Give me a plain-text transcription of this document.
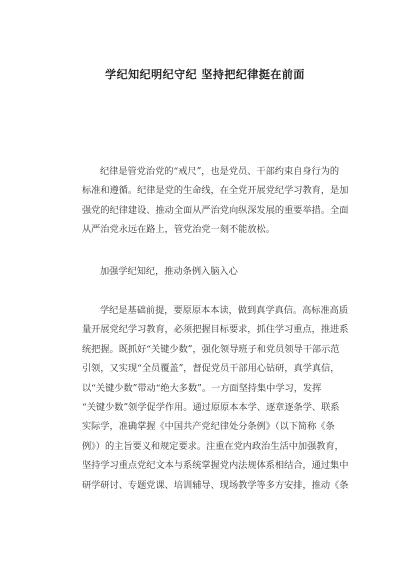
学纪知纪明纪守纪 坚持把纪律挺在前面
纪律是管党治党的“戒尺”，也是党员、干部约束自身行为的
标准和遵循。纪律是党的生命线，在全党开展党纪学习教育，是加
强党的纪律建设、推动全面从严治党向纵深发展的重要举措。全面
从严治党永远在路上，管党治党一刻不能放松。
加强学纪知纪，推动条例入脑入心
学纪是基础前提，要原原本本读，做到真学真信。高标准高质
量开展党纪学习教育，必须把握目标要求，抓住学习重点，推进系
统把握。既抓好“关键少数”，强化领导班子和党员领导干部示范
引领，又实现“全员覆盖”，督促党员干部用心钻研，真学真信，
以“关键少数”带动“绝大多数”。一方面坚持集中学习，发挥
“关键少数”领学促学作用。通过原原本本学、逐章逐条学、联系
实际学，准确掌握《中国共产党纪律处分条例》（以下简称《条
例》）的主旨要义和规定要求。注重在党内政治生活中加强教育，
坚持学习重点党纪文本与系统掌握党内法规体系相结合，通过集中
研学研讨、专题党课、培训辅导、现场教学等多方安排，推动《条
